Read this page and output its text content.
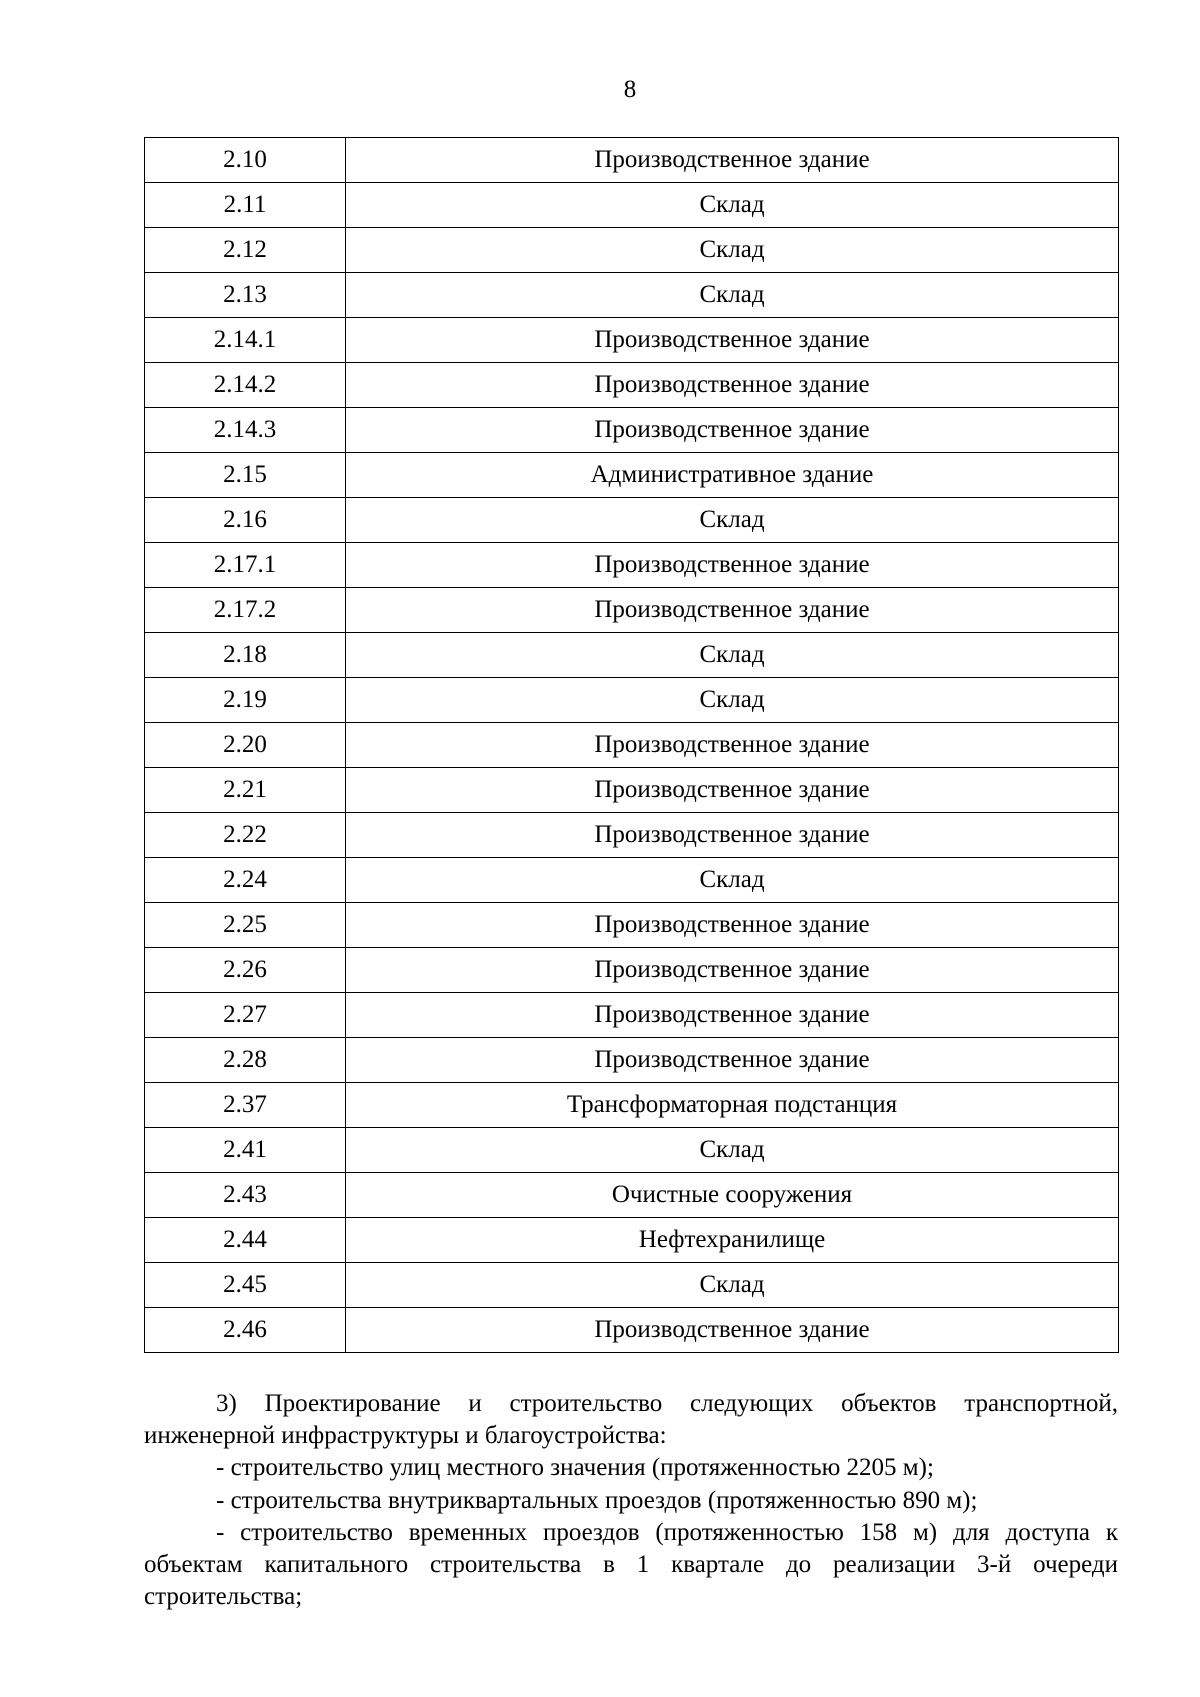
8
2.10	Производственное здание
2.11	Склад
2.12	Склад
2.13	Склад
2.14.1	Производственное здание
2.14.2	Производственное здание
2.14.3	Производственное здание
2.15	Административное здание
2.16	Склад
2.17.1	Производственное здание
2.17.2	Производственное здание
2.18	Склад
2.19	Склад
2.20	Производственное здание
2.21	Производственное здание
2.22	Производственное здание
2.24	Склад
2.25	Производственное здание
2.26	Производственное здание
2.27	Производственное здание
2.28	Производственное здание
2.37	Трансформаторная подстанция
2.41	Склад
2.43	Очистные сооружения
2.44	Нефтехранилище
2.45	Склад
2.46	Производственное здание

3) Проектирование и строительство следующих объектов транспортной, инженерной инфраструктуры и благоустройства:

- строительство улиц местного значения (протяженностью 2205 м);

- строительства внутриквартальных проездов (протяженностью 890 м);

- строительство временных проездов (протяженностью 158 м) для доступа к объектам капитального строительства в 1 квартале до реализации 3-й очереди строительства;
